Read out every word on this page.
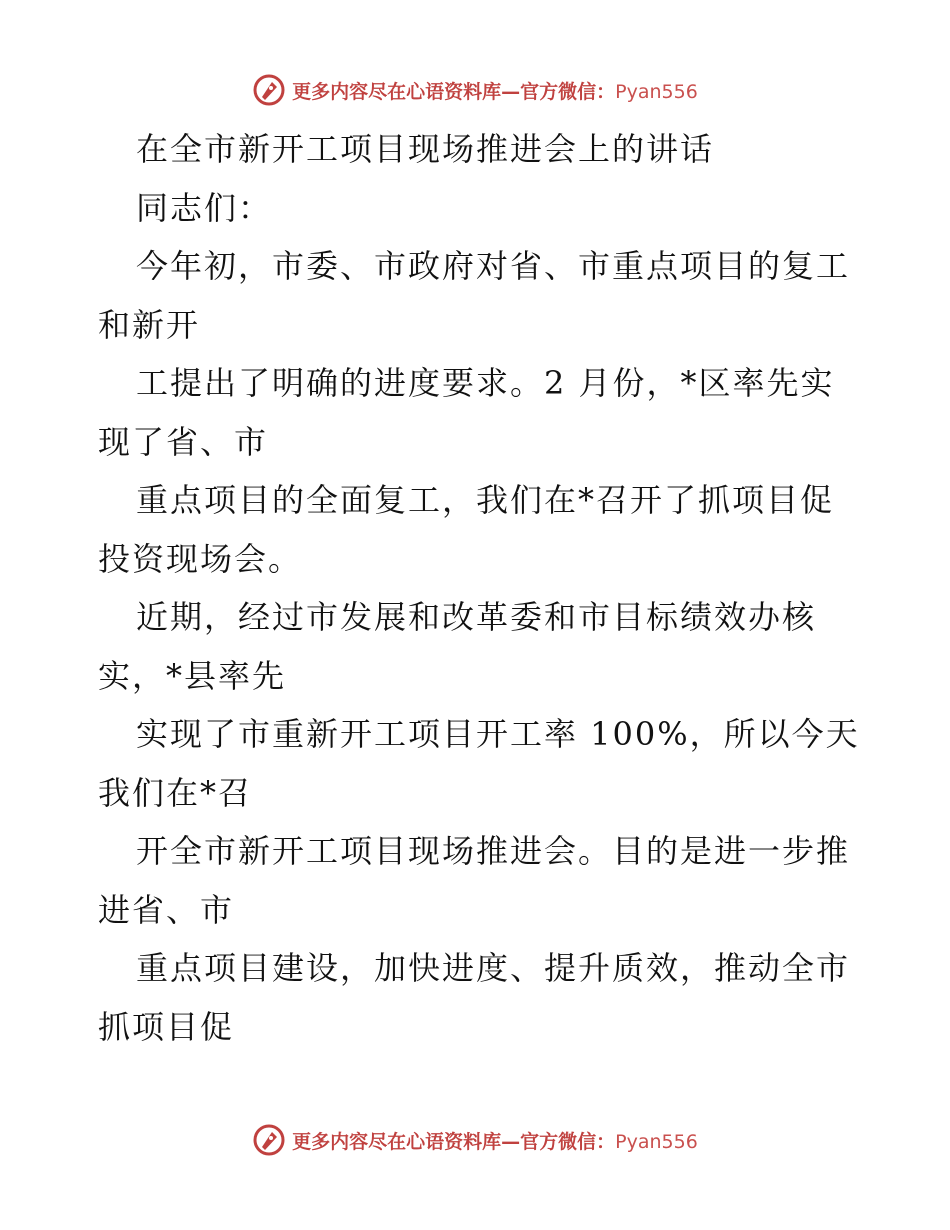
更多内容尽在心语资料库—官方微信：Pyan556
在全市新开工项目现场推进会上的讲话
同志们：
今年初，市委、市政府对省、市重点项目的复工
和新开
工提出了明确的进度要求。2 月份，*区率先实
现了省、市
重点项目的全面复工，我们在*召开了抓项目促
投资现场会。
近期，经过市发展和改革委和市目标绩效办核
实，*县率先
实现了市重新开工项目开工率 100%，所以今天
我们在*召
开全市新开工项目现场推进会。目的是进一步推
进省、市
重点项目建设，加快进度、提升质效，推动全市
抓项目促
更多内容尽在心语资料库—官方微信：Pyan556
